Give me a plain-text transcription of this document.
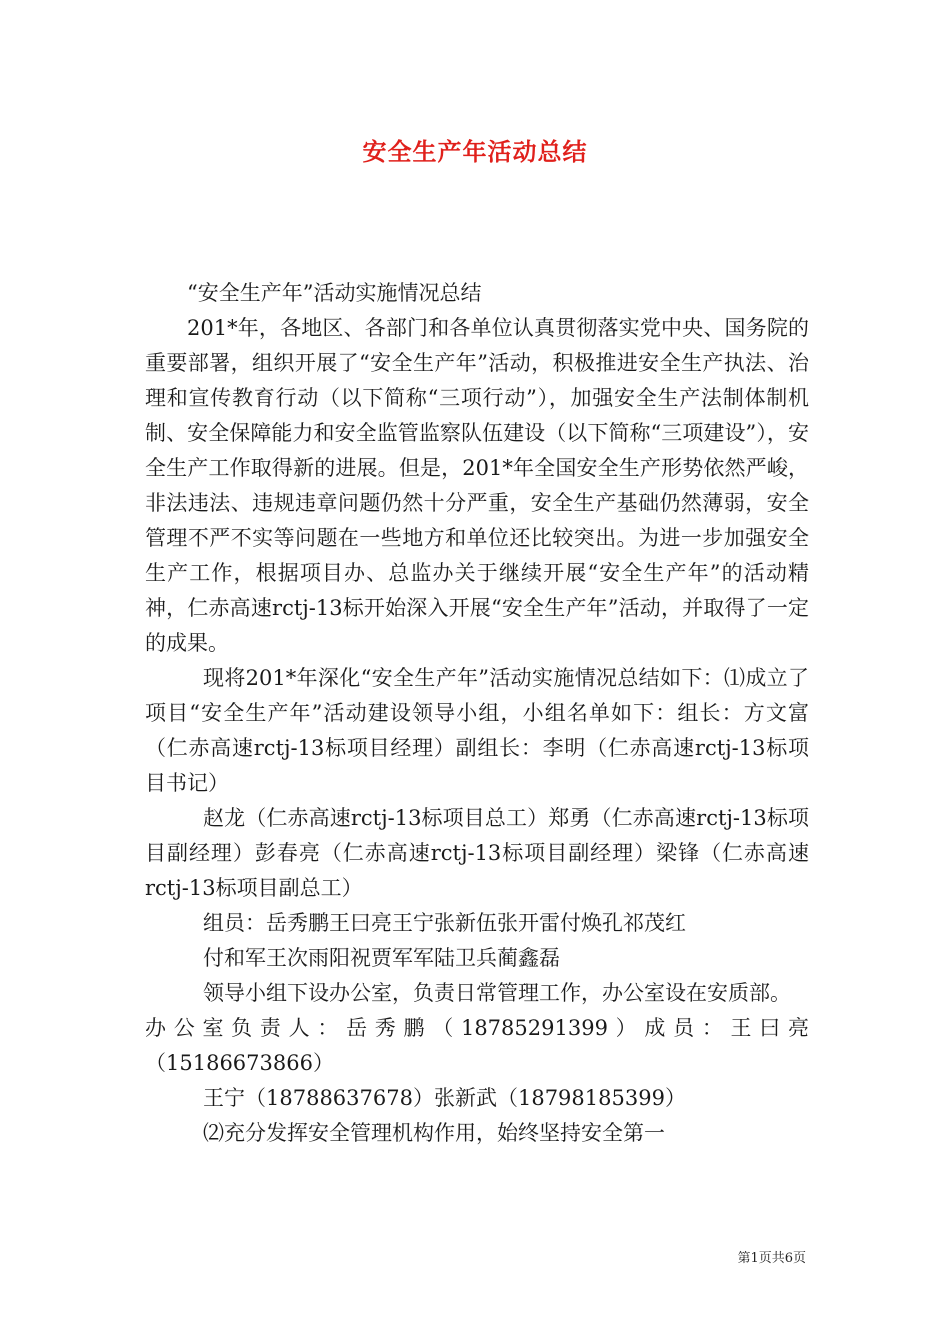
安全生产年活动总结

“安全生产年”活动实施情况总结

201*年，各地区、各部门和各单位认真贯彻落实党中央、国务院的重要部署，组织开展了“安全生产年”活动，积极推进安全生产执法、治理和宣传教育行动（以下简称“三项行动”），加强安全生产法制体制机制、安全保障能力和安全监管监察队伍建设（以下简称“三项建设”），安全生产工作取得新的进展。但是，201*年全国安全生产形势依然严峻，非法违法、违规违章问题仍然十分严重，安全生产基础仍然薄弱，安全管理不严不实等问题在一些地方和单位还比较突出。为进一步加强安全生产工作，根据项目办、总监办关于继续开展“安全生产年”的活动精神，仁赤高速rctj-13标开始深入开展“安全生产年”活动，并取得了一定的成果。

现将201*年深化“安全生产年”活动实施情况总结如下：⑴成立了项目“安全生产年”活动建设领导小组，小组名单如下：组长：方文富（仁赤高速rctj-13标项目经理）副组长：李明（仁赤高速rctj-13标项目书记）

赵龙（仁赤高速rctj-13标项目总工）郑勇（仁赤高速rctj-13标项目副经理）彭春亮（仁赤高速rctj-13标项目副经理）梁锋（仁赤高速rctj-13标项目副总工）

组员：岳秀鹏王曰亮王宁张新伍张开雷付焕孔祁茂红

付和军王次雨阳祝贾军军陆卫兵蔺鑫磊

领导小组下设办公室，负责日常管理工作，办公室设在安质部。

办公室负责人：岳秀鹏（18785291399）成员：王曰亮

（15186673866）

王宁（18788637678）张新武（18798185399）

⑵充分发挥安全管理机构作用，始终坚持安全第一

第1页共6页
